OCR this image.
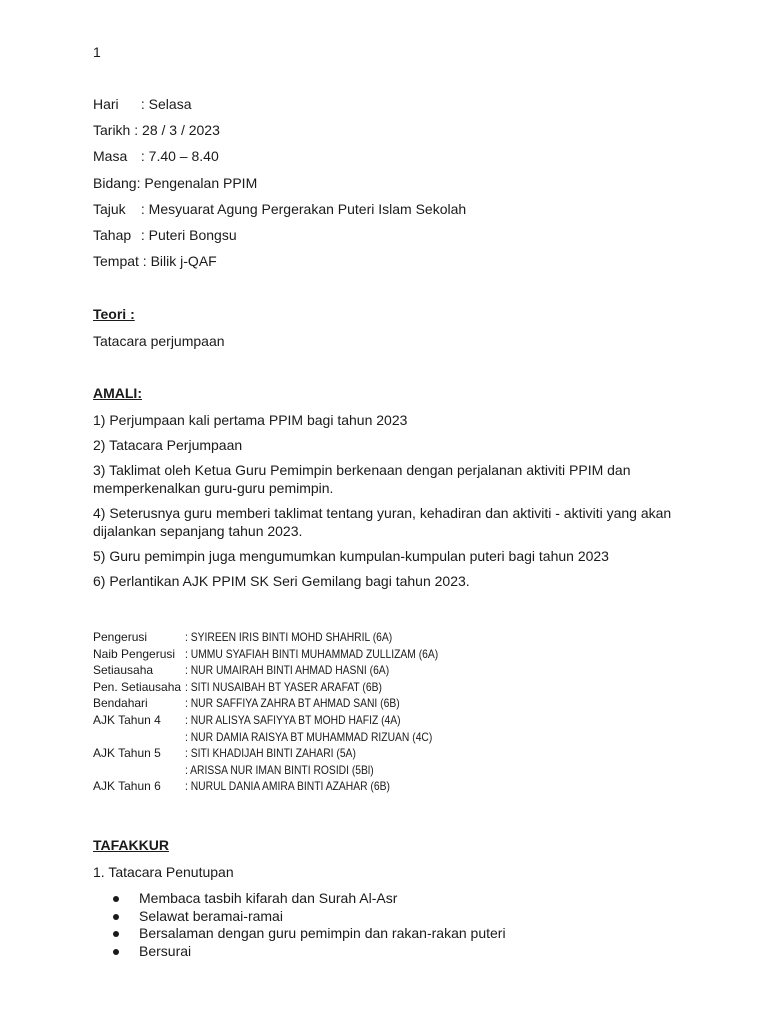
1
Hari : Selasa
Tarikh : 28 / 3 / 2023
Masa : 7.40 – 8.40
Bidang: Pengenalan PPIM
Tajuk : Mesyuarat Agung Pergerakan Puteri Islam Sekolah
Tahap : Puteri Bongsu
Tempat : Bilik j-QAF
Teori :
Tatacara perjumpaan
AMALI:
1) Perjumpaan kali pertama PPIM bagi tahun 2023
2) Tatacara Perjumpaan
3) Taklimat oleh Ketua Guru Pemimpin berkenaan dengan perjalanan aktiviti PPIM dan memperkenalkan guru-guru pemimpin.
4) Seterusnya guru memberi taklimat tentang yuran, kehadiran dan aktiviti - aktiviti yang akan dijalankan sepanjang tahun 2023.
5) Guru pemimpin juga mengumumkan kumpulan-kumpulan puteri bagi tahun 2023
6) Perlantikan AJK PPIM SK Seri Gemilang bagi tahun 2023.
Pengerusi	: SYIREEN IRIS BINTI MOHD SHAHRIL (6A)
Naib Pengerusi : UMMU SYAFIAH BINTI MUHAMMAD ZULLIZAM (6A)
Setiausaha	: NUR UMAIRAH BINTI AHMAD HASNI (6A)
Pen. Setiausaha : SITI NUSAIBAH BT YASER ARAFAT (6B)
Bendahari	: NUR SAFFIYA ZAHRA BT AHMAD SANI (6B)
AJK Tahun 4 : NUR ALISYA SAFIYYA BT MOHD HAFIZ (4A)
: NUR DAMIA RAISYA BT MUHAMMAD RIZUAN (4C)
AJK Tahun 5 : SITI KHADIJAH BINTI ZAHARI (5A)
: ARISSA NUR IMAN BINTI ROSIDI (5Bl)
AJK Tahun 6 : NURUL DANIA AMIRA BINTI AZAHAR (6B)
TAFAKKUR
1. Tatacara Penutupan
Membaca tasbih kifarah dan Surah Al-Asr
Selawat beramai-ramai
Bersalaman dengan guru pemimpin dan rakan-rakan puteri
Bersurai
